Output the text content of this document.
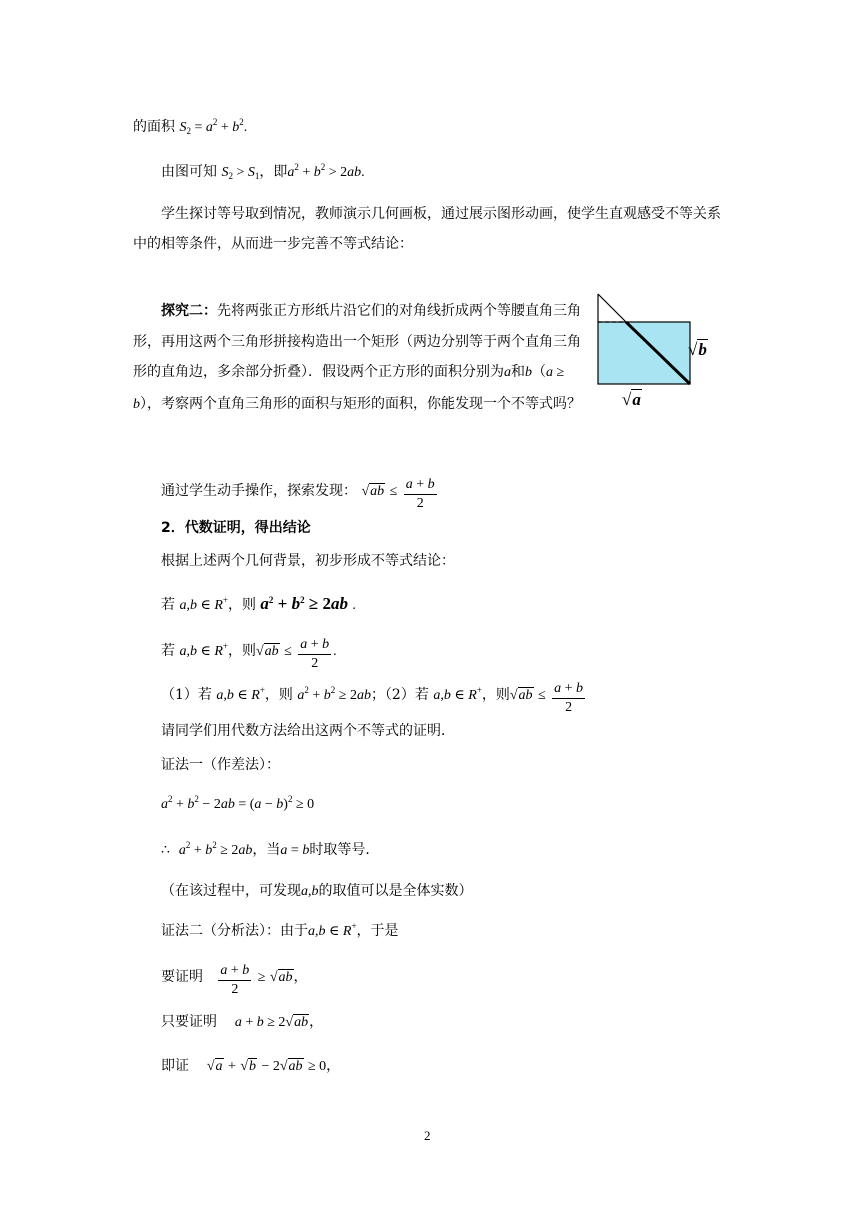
的面积 $S_2 = a^2 + b^2$.
由图可知 $S_2 > S_1$，即$a^2 + b^2 > 2ab$.
学生探讨等号取到情况，教师演示几何画板，通过展示图形动画，使学生直观感受不等关系中的相等条件，从而进一步完善不等式结论：
探究二：先将两张正方形纸片沿它们的对角线折成两个等腰直角三角形，再用这两个三角形拼接构造出一个矩形（两边分别等于两个直角三角形的直角边，多余部分折叠）．假设两个正方形的面积分别为a和b（a ≥ b），考察两个直角三角形的面积与矩形的面积，你能发现一个不等式吗？
√b
√a
通过学生动手操作，探索发现： $√ab \le \frac{a + b}{2}$
2．代数证明，得出结论
根据上述两个几何背景，初步形成不等式结论：
若 a,b ∈ R+，则 $a^2 + b^2 \ge 2ab$ .
若 a,b ∈ R+，则$√ab \le \frac{a + b}{2}$ .
（1）若 a,b ∈ R+，则 $a^2 + b^2 \ge 2ab$；（2）若 a,b ∈ R+，则$√ab \le \frac{a + b}{2}$
请同学们用代数方法给出这两个不等式的证明．
证法一（作差法）：
$a^2 + b^2 - 2ab = (a - b)^2 \ge 0$
∴ $a^2 + b^2 \ge 2ab$，当a = b时取等号．
（在该过程中，可发现a,b的取值可以是全体实数）
证法二（分析法）：由于a,b ∈ R+，于是
要证明 $\frac{a + b}{2} \ge √ab$，
只要证明 a + b ≥ 2√ab，
即证 √a + √b − 2√ab ≥ 0，
2
